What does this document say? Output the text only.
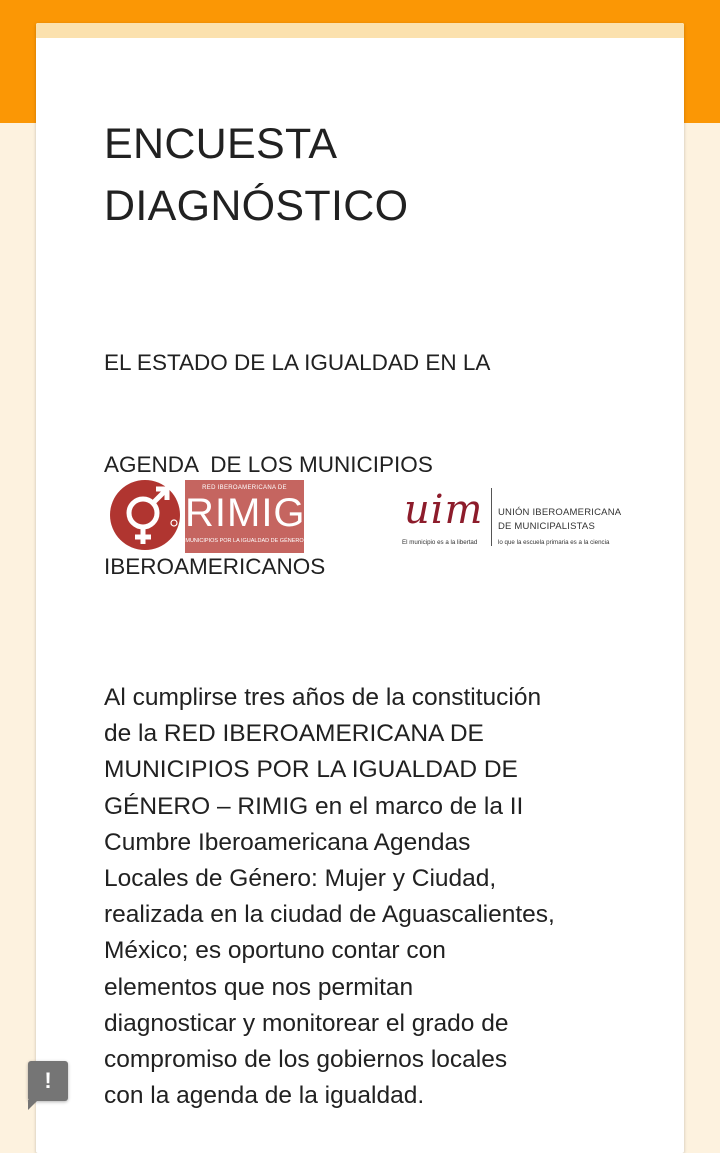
ENCUESTA
DIAGNÓSTICO

EL ESTADO DE LA IGUALDAD EN LA

AGENDA  DE LOS MUNICIPIOS

IBEROAMERICANOS

RED IBEROAMERICANA DE
RIMIG
MUNICIPIOS POR LA IGUALDAD DE GÉNERO
uim
El municipio es a la libertad
UNIÓN IBEROAMERICANA
DE MUNICIPALISTAS
lo que la escuela primaria es a la ciencia
Al cumplirse tres años de la constitución
de la RED IBEROAMERICANA DE
MUNICIPIOS POR LA IGUALDAD DE
GÉNERO – RIMIG en el marco de la II
Cumbre Iberoamericana Agendas
Locales de Género: Mujer y Ciudad,
realizada en la ciudad de Aguascalientes,
México; es oportuno contar con
elementos que nos permitan
diagnosticar y monitorear el grado de
compromiso de los gobiernos locales
con la agenda de la igualdad.
!
